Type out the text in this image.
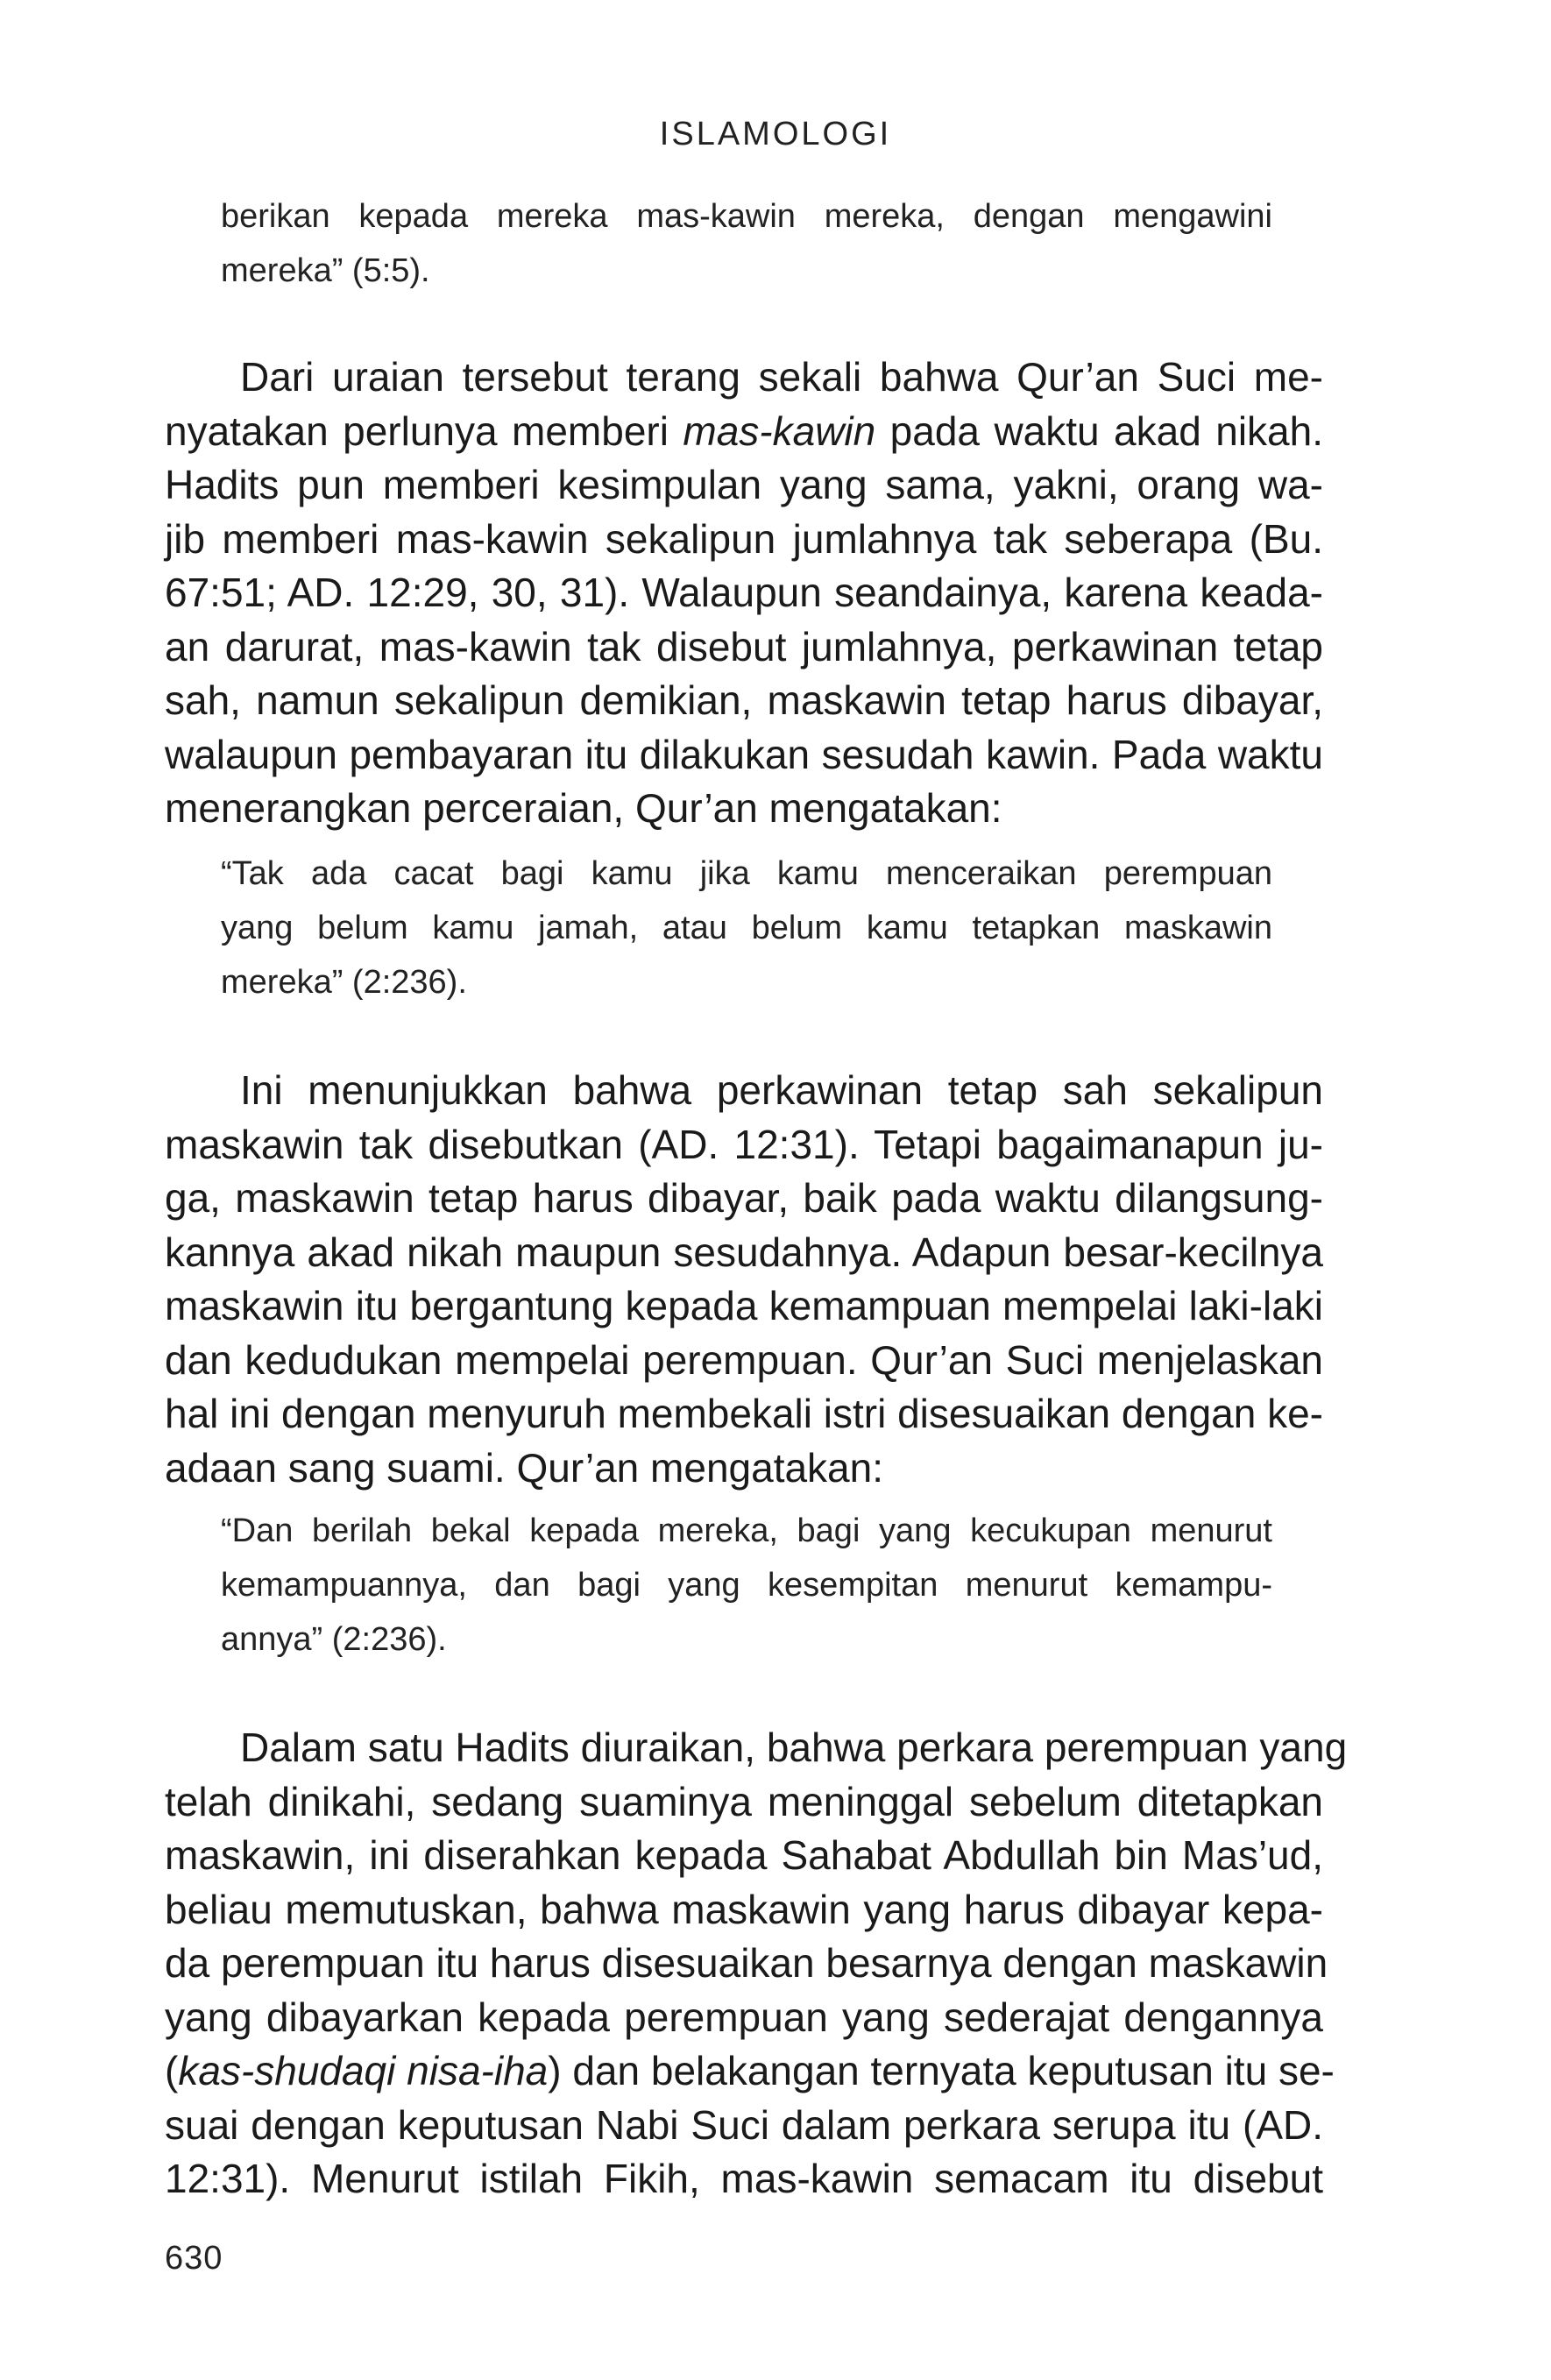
ISLAMOLOGI
berikan kepada mereka mas-kawin mereka, dengan mengawini
mereka” (5:5).
Dari uraian tersebut terang sekali bahwa Qur’an Suci me-
nyatakan perlunya memberi mas-kawin pada waktu akad nikah.
Hadits pun memberi kesimpulan yang sama, yakni, orang wa-
jib memberi mas-kawin sekalipun jumlahnya tak seberapa (Bu.
67:51; AD. 12:29, 30, 31). Walaupun seandainya, karena keada-
an darurat, mas-kawin tak disebut jumlahnya, perkawinan tetap
sah, namun sekalipun demikian, maskawin tetap harus dibayar,
walaupun pembayaran itu dilakukan sesudah kawin. Pada waktu
menerangkan perceraian, Qur’an mengatakan:
“Tak ada cacat bagi kamu jika kamu menceraikan perempuan
yang belum kamu jamah, atau belum kamu tetapkan maskawin
mereka” (2:236).
Ini menunjukkan bahwa perkawinan tetap sah sekalipun
maskawin tak disebutkan (AD. 12:31). Tetapi bagaimanapun ju-
ga, maskawin tetap harus dibayar, baik pada waktu dilangsung-
kannya akad nikah maupun sesudahnya. Adapun besar-kecilnya
maskawin itu bergantung kepada kemampuan mempelai laki-laki
dan kedudukan mempelai perempuan. Qur’an Suci menjelaskan
hal ini dengan menyuruh membekali istri disesuaikan dengan ke-
adaan sang suami. Qur’an mengatakan:
“Dan berilah bekal kepada mereka, bagi yang kecukupan menurut
kemampuannya, dan bagi yang kesempitan menurut kemampu-
annya” (2:236).
Dalam satu Hadits diuraikan, bahwa perkara perempuan yang
telah dinikahi, sedang suaminya meninggal sebelum ditetapkan
maskawin, ini diserahkan kepada Sahabat Abdullah bin Mas’ud,
beliau memutuskan, bahwa maskawin yang harus dibayar kepa-
da perempuan itu harus disesuaikan besarnya dengan maskawin
yang dibayarkan kepada perempuan yang sederajat dengannya
(kas-shudaqi nisa-iha) dan belakangan ternyata keputusan itu se-
suai dengan keputusan Nabi Suci dalam perkara serupa itu (AD.
12:31). Menurut istilah Fikih, mas-kawin semacam itu disebut
630
